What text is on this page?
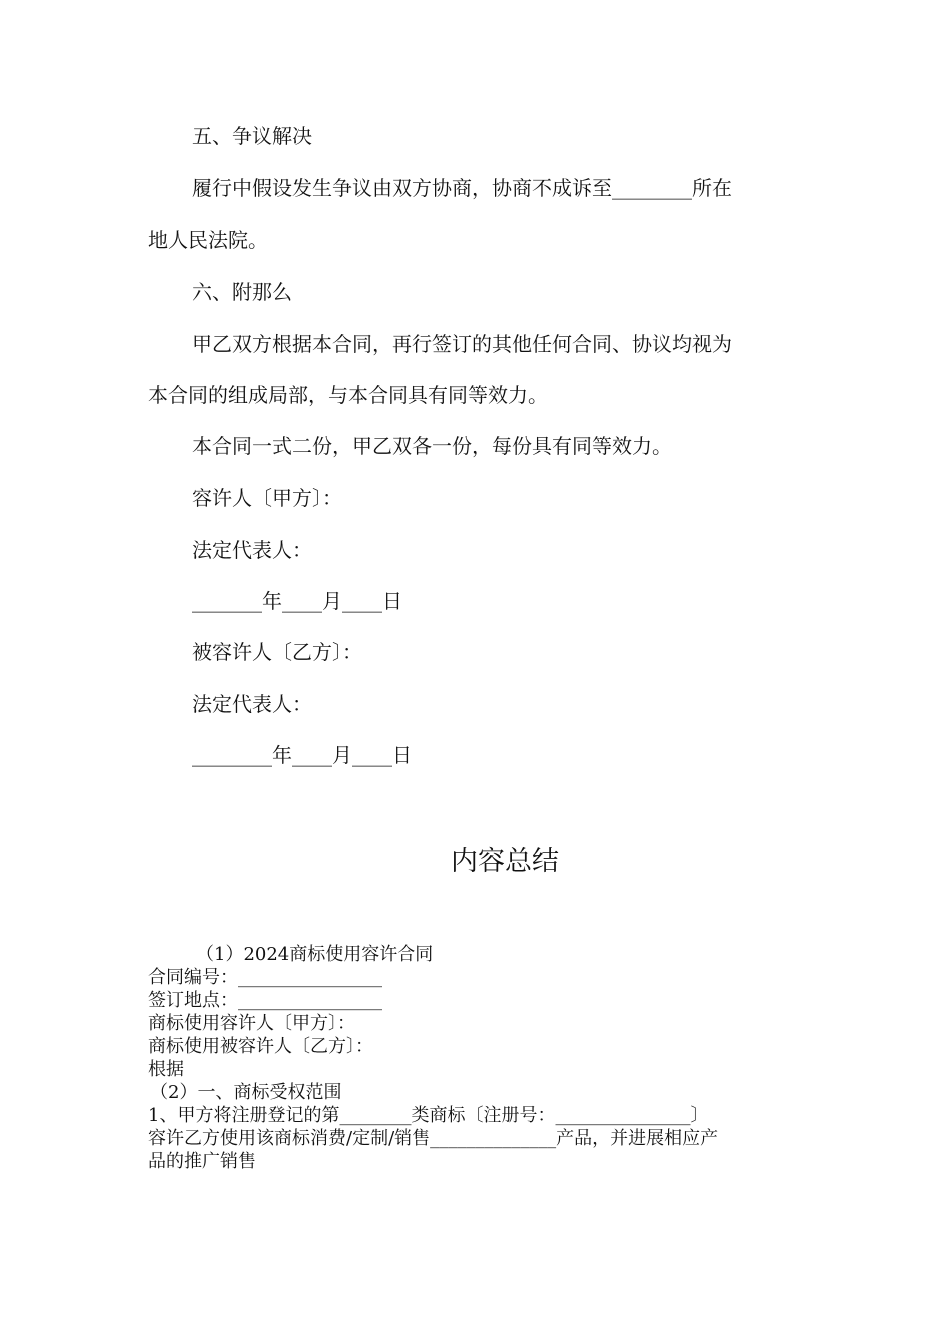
五、争议解决
履行中假设发生争议由双方协商，协商不成诉至________所在
地人民法院。
六、附那么
甲乙双方根据本合同，再行签订的其他任何合同、协议均视为
本合同的组成局部，与本合同具有同等效力。
本合同一式二份，甲乙双各一份，每份具有同等效力。
容许人〔甲方〕：
法定代表人：
_______年____月____日
被容许人〔乙方〕：
法定代表人：
________年____月____日
内容总结
（1）2024商标使用容许合同
合同编号：________________
签订地点：________________
商标使用容许人〔甲方〕：
商标使用被容许人〔乙方〕：
根据
（2）一、商标受权范围
1、甲方将注册登记的第________类商标〔注册号：_______________〕
容许乙方使用该商标消费/定制/销售______________产品，并进展相应产
品的推广销售
